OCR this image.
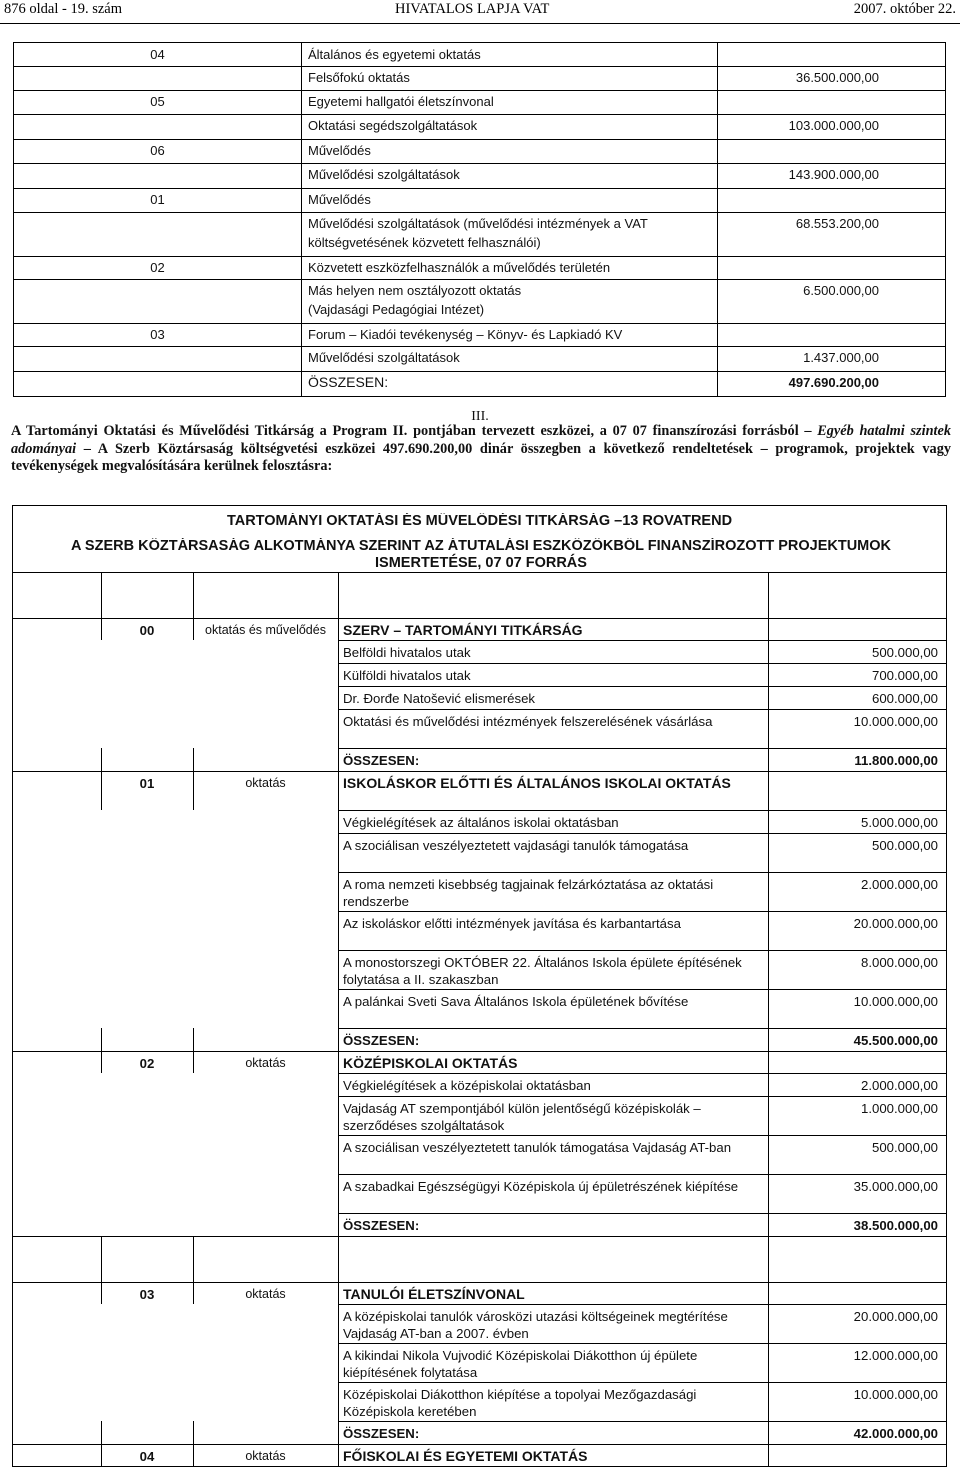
876 oldal - 19. szám	HIVATALOS LAPJA VAT	2007. október 22.
04	Általános és egyetemi oktatás
Felsőfokú oktatás	36.500.000,00
05	Egyetemi hallgatói életszínvonal
Oktatási segédszolgáltatások	103.000.000,00
06	Művelődés
Művelődési szolgáltatások	143.900.000,00
01	Művelődés
Művelődési szolgáltatások (művelődési intézmények a VAT
költségvetésének közvetett felhasználói)
68.553.200,00
02	Közvetett eszközfelhasználók a művelődés területén
Más helyen nem osztályozott oktatás
(Vajdasági Pedagógiai Intézet)
6.500.000,00
03	Forum – Kiadói tevékenység – Könyv- és Lapkiadó KV
Művelődési szolgáltatások	1.437.000,00
ÖSSZESEN:	497.690.200,00
III.
A Tartományi Oktatási és Művelődési Titkárság a Program II. pontjában tervezett eszközei, a 07 07 finanszírozási forrásból – Egyéb hatalmi szintek adományai – A Szerb Köztársaság költségvetési eszközei 497.690.200,00 dinár összegben a következő rendeltetések – programok, projektek vagy tevékenységek megvalósítására kerülnek felosztásra:
TARTOMÁNYI OKTATÁSI ÉS MŰVELŐDÉSI TITKÁRSÁG –13 ROVATREND
A SZERB KÖZTÁRSASÁG ALKOTMÁNYA SZERINT AZ ÁTUTALÁSI ESZKÖZÖKBŐL FINANSZÍROZOTT PROJEKTUMOK ISMERTETÉSE, 07 07 FORRÁS
00	oktatás és művelődés	SZERV – TARTOMÁNYI TITKÁRSÁG
Belföldi hivatalos utak	500.000,00
Külföldi hivatalos utak	700.000,00
Dr. Đorđe Natošević elismerések	600.000,00
Oktatási és művelődési intézmények felszerelésének vásárlása	10.000.000,00
ÖSSZESEN:	11.800.000,00
01	oktatás	ISKOLÁSKOR ELŐTTI ÉS ÁLTALÁNOS ISKOLAI OKTATÁS
Végkielégítések az általános iskolai oktatásban	5.000.000,00
A szociálisan veszélyeztetett vajdasági tanulók támogatása	500.000,00
A roma nemzeti kisebbség tagjainak felzárkóztatása az oktatási rendszerbe
2.000.000,00
Az iskoláskor előtti intézmények javítása és karbantartása	20.000.000,00
A monostorszegi OKTÓBER 22. Általános Iskola épülete építésének folytatása a II. szakaszban
8.000.000,00
A palánkai Sveti Sava Általános Iskola épületének bővítése	10.000.000,00
ÖSSZESEN:	45.500.000,00
02	oktatás	KÖZÉPISKOLAI OKTATÁS
Végkielégítések a középiskolai oktatásban	2.000.000,00
Vajdaság AT szempontjából külön jelentőségű középiskolák – szerződéses szolgáltatások
1.000.000,00
A szociálisan veszélyeztetett tanulók támogatása Vajdaság AT-ban	500.000,00
A szabadkai Egészségügyi Középiskola új épületrészének kiépítése	35.000.000,00
ÖSSZESEN:	38.500.000,00
03	oktatás	TANULÓI ÉLETSZÍNVONAL
A középiskolai tanulók városközi utazási költségeinek megtérítése Vajdaság AT-ban a 2007. évben
20.000.000,00
A kikindai Nikola Vujvodić Középiskolai Diákotthon új épülete kiépítésének folytatása
12.000.000,00
Középiskolai Diákotthon kiépítése a topolyai Mezőgazdasági Középiskola keretében
10.000.000,00
ÖSSZESEN:	42.000.000,00
04	oktatás	FŐISKOLAI ÉS EGYETEMI OKTATÁS
